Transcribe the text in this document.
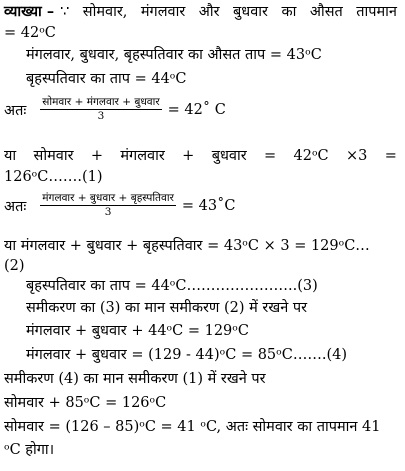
व्याख्या – ∵ सोमवार, मंगलवार और बुधवार का औसत तापमान
= 42ᵒC
मंगलवार, बुधवार, बृहस्पतिवार का औसत ताप = 43ᵒC
बृहस्पतिवार का ताप = 44ᵒC
अतः $\frac{\text{सोमवार + मंगलवार + बुधवार}}{3}$ = 42˚ C
या सोमवार + मंगलवार + बुधवार = 42ᵒC ×3 =
126ᵒC…….(1)
अतः $\frac{\text{मंगलवार + बुधवार + बृहस्पतिवार}}{3}$ = 43˚C
या मंगलवार + बुधवार + बृहस्पतिवार = 43ᵒC × 3 = 129ᵒC…
(2)
बृहस्पतिवार का ताप = 44ᵒC…………………..(3)
समीकरण का (3) का मान समीकरण (2) में रखने पर
मंगलवार + बुधवार + 44ᵒC = 129ᵒC
मंगलवार + बुधवार = (129 - 44)ᵒC = 85ᵒC…….(4)
समीकरण (4) का मान समीकरण (1) में रखने पर
सोमवार + 85ᵒC = 126ᵒC
सोमवार = (126 – 85)ᵒC = 41 ᵒC, अतः सोमवार का तापमान 41
ᵒC होगा।
